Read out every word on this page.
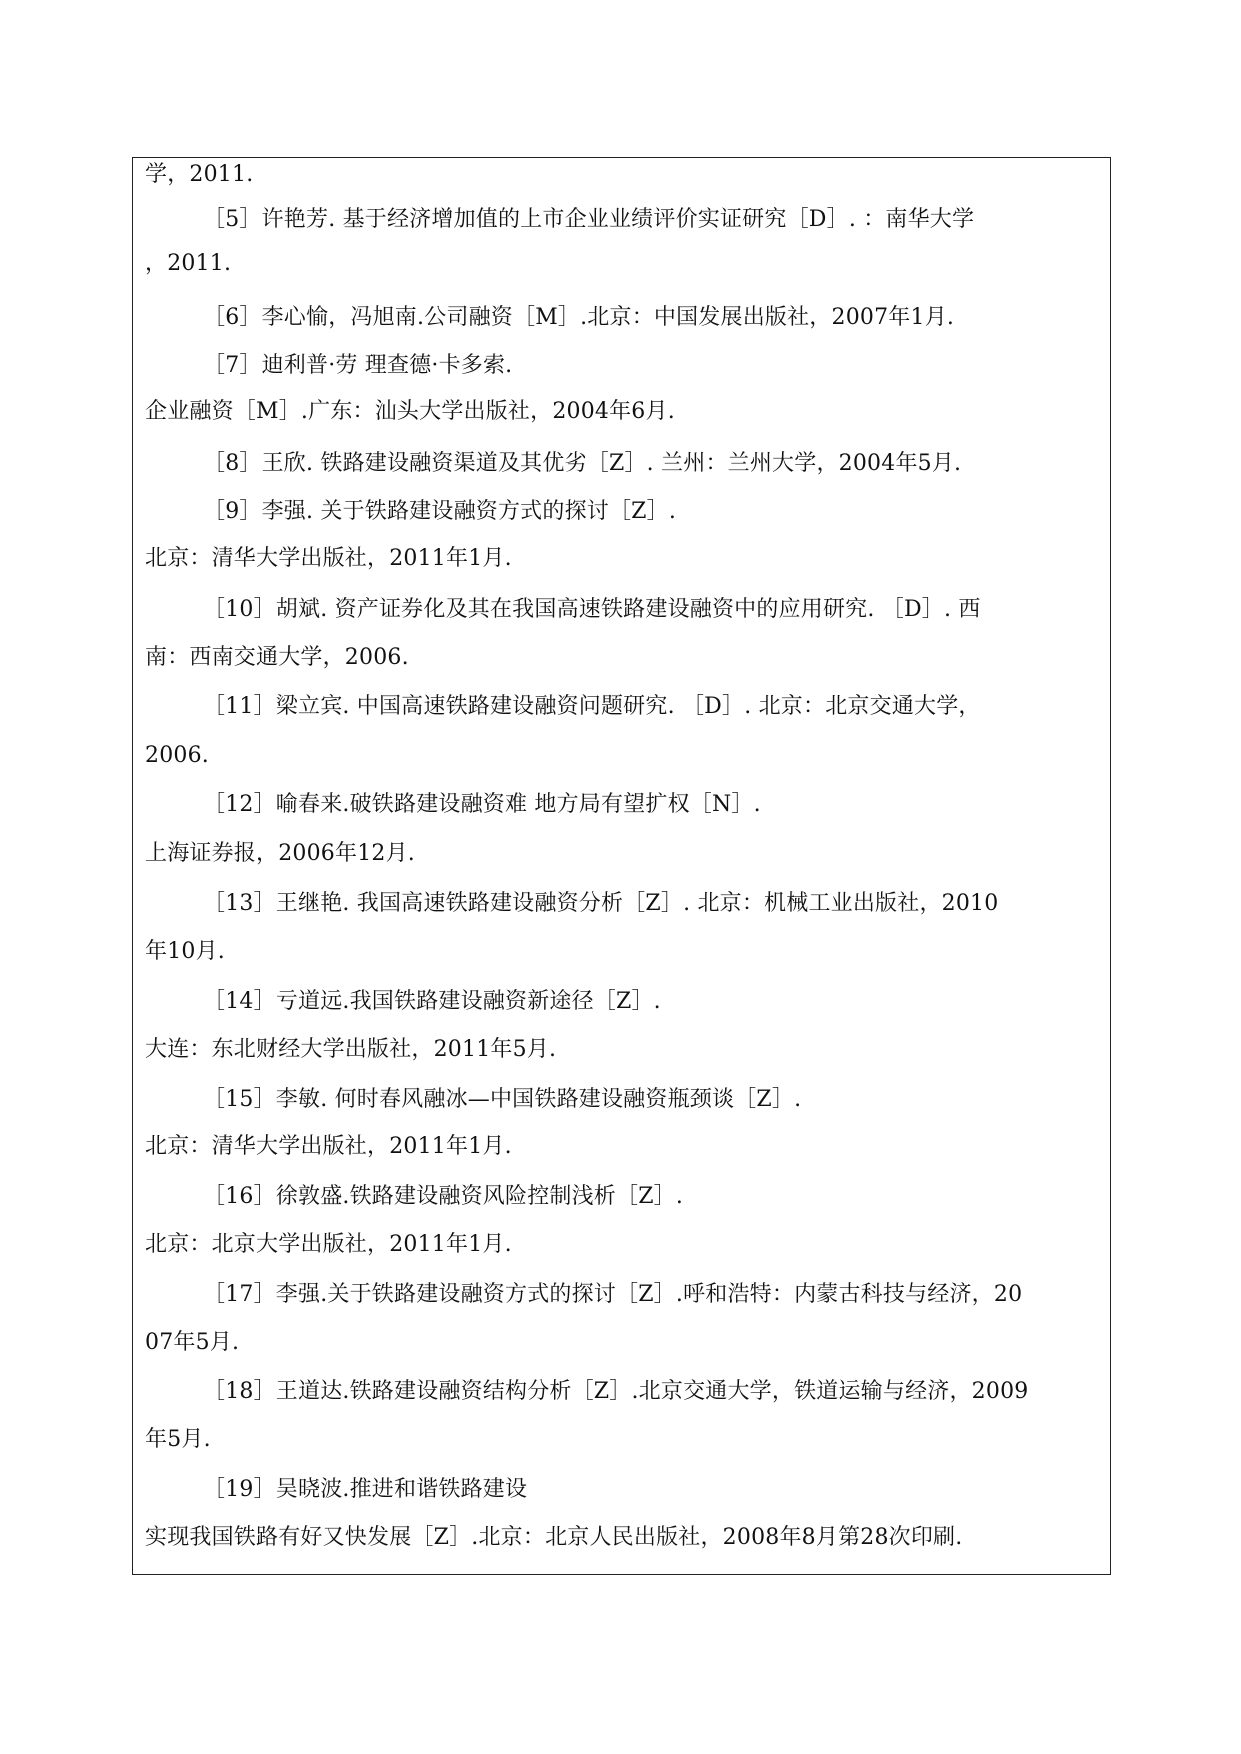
学，2011.
［5］许艳芳. 基于经济增加值的上市企业业绩评价实证研究［D］. ：南华大学
，2011.
［6］李心愉，冯旭南.公司融资［M］.北京：中国发展出版社，2007年1月.
［7］迪利普·劳 理查德·卡多索.
企业融资［M］.广东：汕头大学出版社，2004年6月.
［8］王欣. 铁路建设融资渠道及其优劣［Z］. 兰州：兰州大学，2004年5月.
［9］李强. 关于铁路建设融资方式的探讨［Z］.
北京：清华大学出版社，2011年1月.
［10］胡斌. 资产证券化及其在我国高速铁路建设融资中的应用研究. ［D］. 西
南：西南交通大学，2006.
［11］梁立宾. 中国高速铁路建设融资问题研究. ［D］. 北京：北京交通大学，
2006.
［12］喻春来.破铁路建设融资难 地方局有望扩权［N］.
上海证券报，2006年12月.
［13］王继艳. 我国高速铁路建设融资分析［Z］. 北京：机械工业出版社，2010
年10月.
［14］亏道远.我国铁路建设融资新途径［Z］.
大连：东北财经大学出版社，2011年5月.
［15］李敏. 何时春风融冰—中国铁路建设融资瓶颈谈［Z］.
北京：清华大学出版社，2011年1月.
［16］徐敦盛.铁路建设融资风险控制浅析［Z］.
北京：北京大学出版社，2011年1月.
［17］李强.关于铁路建设融资方式的探讨［Z］.呼和浩特：内蒙古科技与经济，20
07年5月.
［18］王道达.铁路建设融资结构分析［Z］.北京交通大学，铁道运输与经济，2009
年5月.
［19］吴晓波.推进和谐铁路建设
实现我国铁路有好又快发展［Z］.北京：北京人民出版社，2008年8月第28次印刷.
